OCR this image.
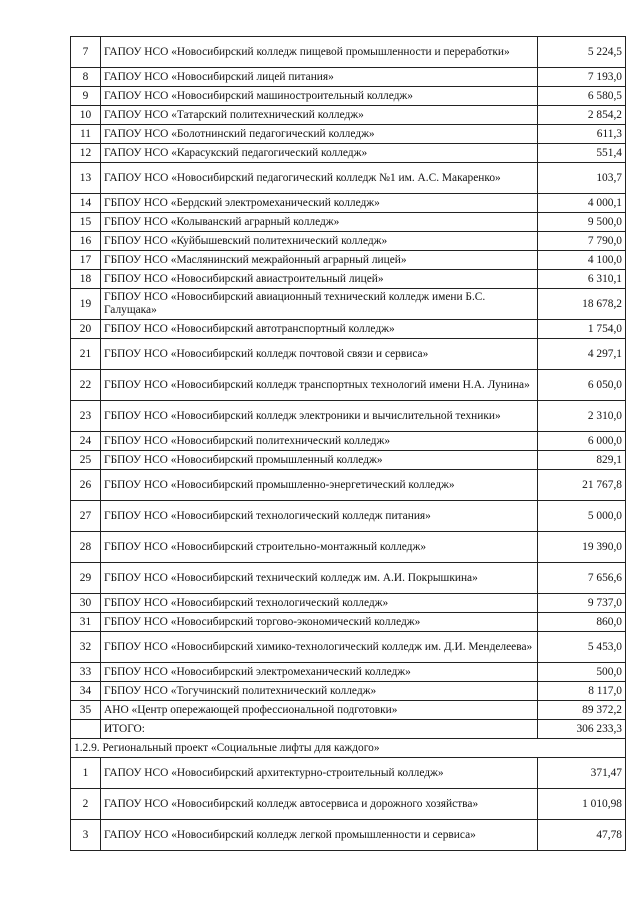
7	ГАПОУ НСО «Новосибирский колледж пищевой промышленности и переработки»	5 224,5
8	ГАПОУ НСО «Новосибирский лицей питания»	7 193,0
9	ГАПОУ НСО «Новосибирский машиностроительный колледж»	6 580,5
10	ГАПОУ НСО «Татарский политехнический колледж»	2 854,2
11	ГАПОУ НСО «Болотнинский педагогический колледж»	611,3
12	ГАПОУ НСО «Карасукский педагогический колледж»	551,4
13	ГАПОУ НСО «Новосибирский педагогический колледж №1 им. А.С. Макаренко»	103,7
14	ГБПОУ НСО «Бердский электромеханический колледж»	4 000,1
15	ГБПОУ НСО «Колыванский аграрный колледж»	9 500,0
16	ГБПОУ НСО «Куйбышевский политехнический колледж»	7 790,0
17	ГБПОУ НСО «Маслянинский межрайонный аграрный лицей»	4 100,0
18	ГБПОУ НСО «Новосибирский авиастроительный лицей»	6 310,1
19	ГБПОУ НСО «Новосибирский авиационный технический колледж имени Б.С. Галущака»	18 678,2
20	ГБПОУ НСО «Новосибирский автотранспортный колледж»	1 754,0
21	ГБПОУ НСО «Новосибирский колледж почтовой связи и сервиса»	4 297,1
22	ГБПОУ НСО «Новосибирский колледж транспортных технологий имени Н.А. Лунина»	6 050,0
23	ГБПОУ НСО «Новосибирский колледж электроники и вычислительной техники»	2 310,0
24	ГБПОУ НСО «Новосибирский политехнический колледж»	6 000,0
25	ГБПОУ НСО «Новосибирский промышленный колледж»	829,1
26	ГБПОУ НСО «Новосибирский промышленно-энергетический колледж»	21 767,8
27	ГБПОУ НСО «Новосибирский технологический колледж питания»	5 000,0
28	ГБПОУ НСО «Новосибирский строительно-монтажный колледж»	19 390,0
29	ГБПОУ НСО «Новосибирский технический колледж им. А.И. Покрышкина»	7 656,6
30	ГБПОУ НСО «Новосибирский технологический колледж»	9 737,0
31	ГБПОУ НСО «Новосибирский торгово-экономический колледж»	860,0
32	ГБПОУ НСО «Новосибирский химико-технологический колледж им. Д.И. Менделеева»	5 453,0
33	ГБПОУ НСО «Новосибирский электромеханический колледж»	500,0
34	ГБПОУ НСО «Тогучинский политехнический колледж»	8 117,0
35	АНО «Центр опережающей профессиональной подготовки»	89 372,2
	ИТОГО:	306 233,3
1.2.9. Региональный проект «Социальные лифты для каждого»		
1	ГАПОУ НСО «Новосибирский архитектурно-строительный колледж»	371,47
2	ГАПОУ НСО «Новосибирский колледж автосервиса и дорожного хозяйства»	1 010,98
3	ГАПОУ НСО «Новосибирский колледж легкой промышленности и сервиса»	47,78
